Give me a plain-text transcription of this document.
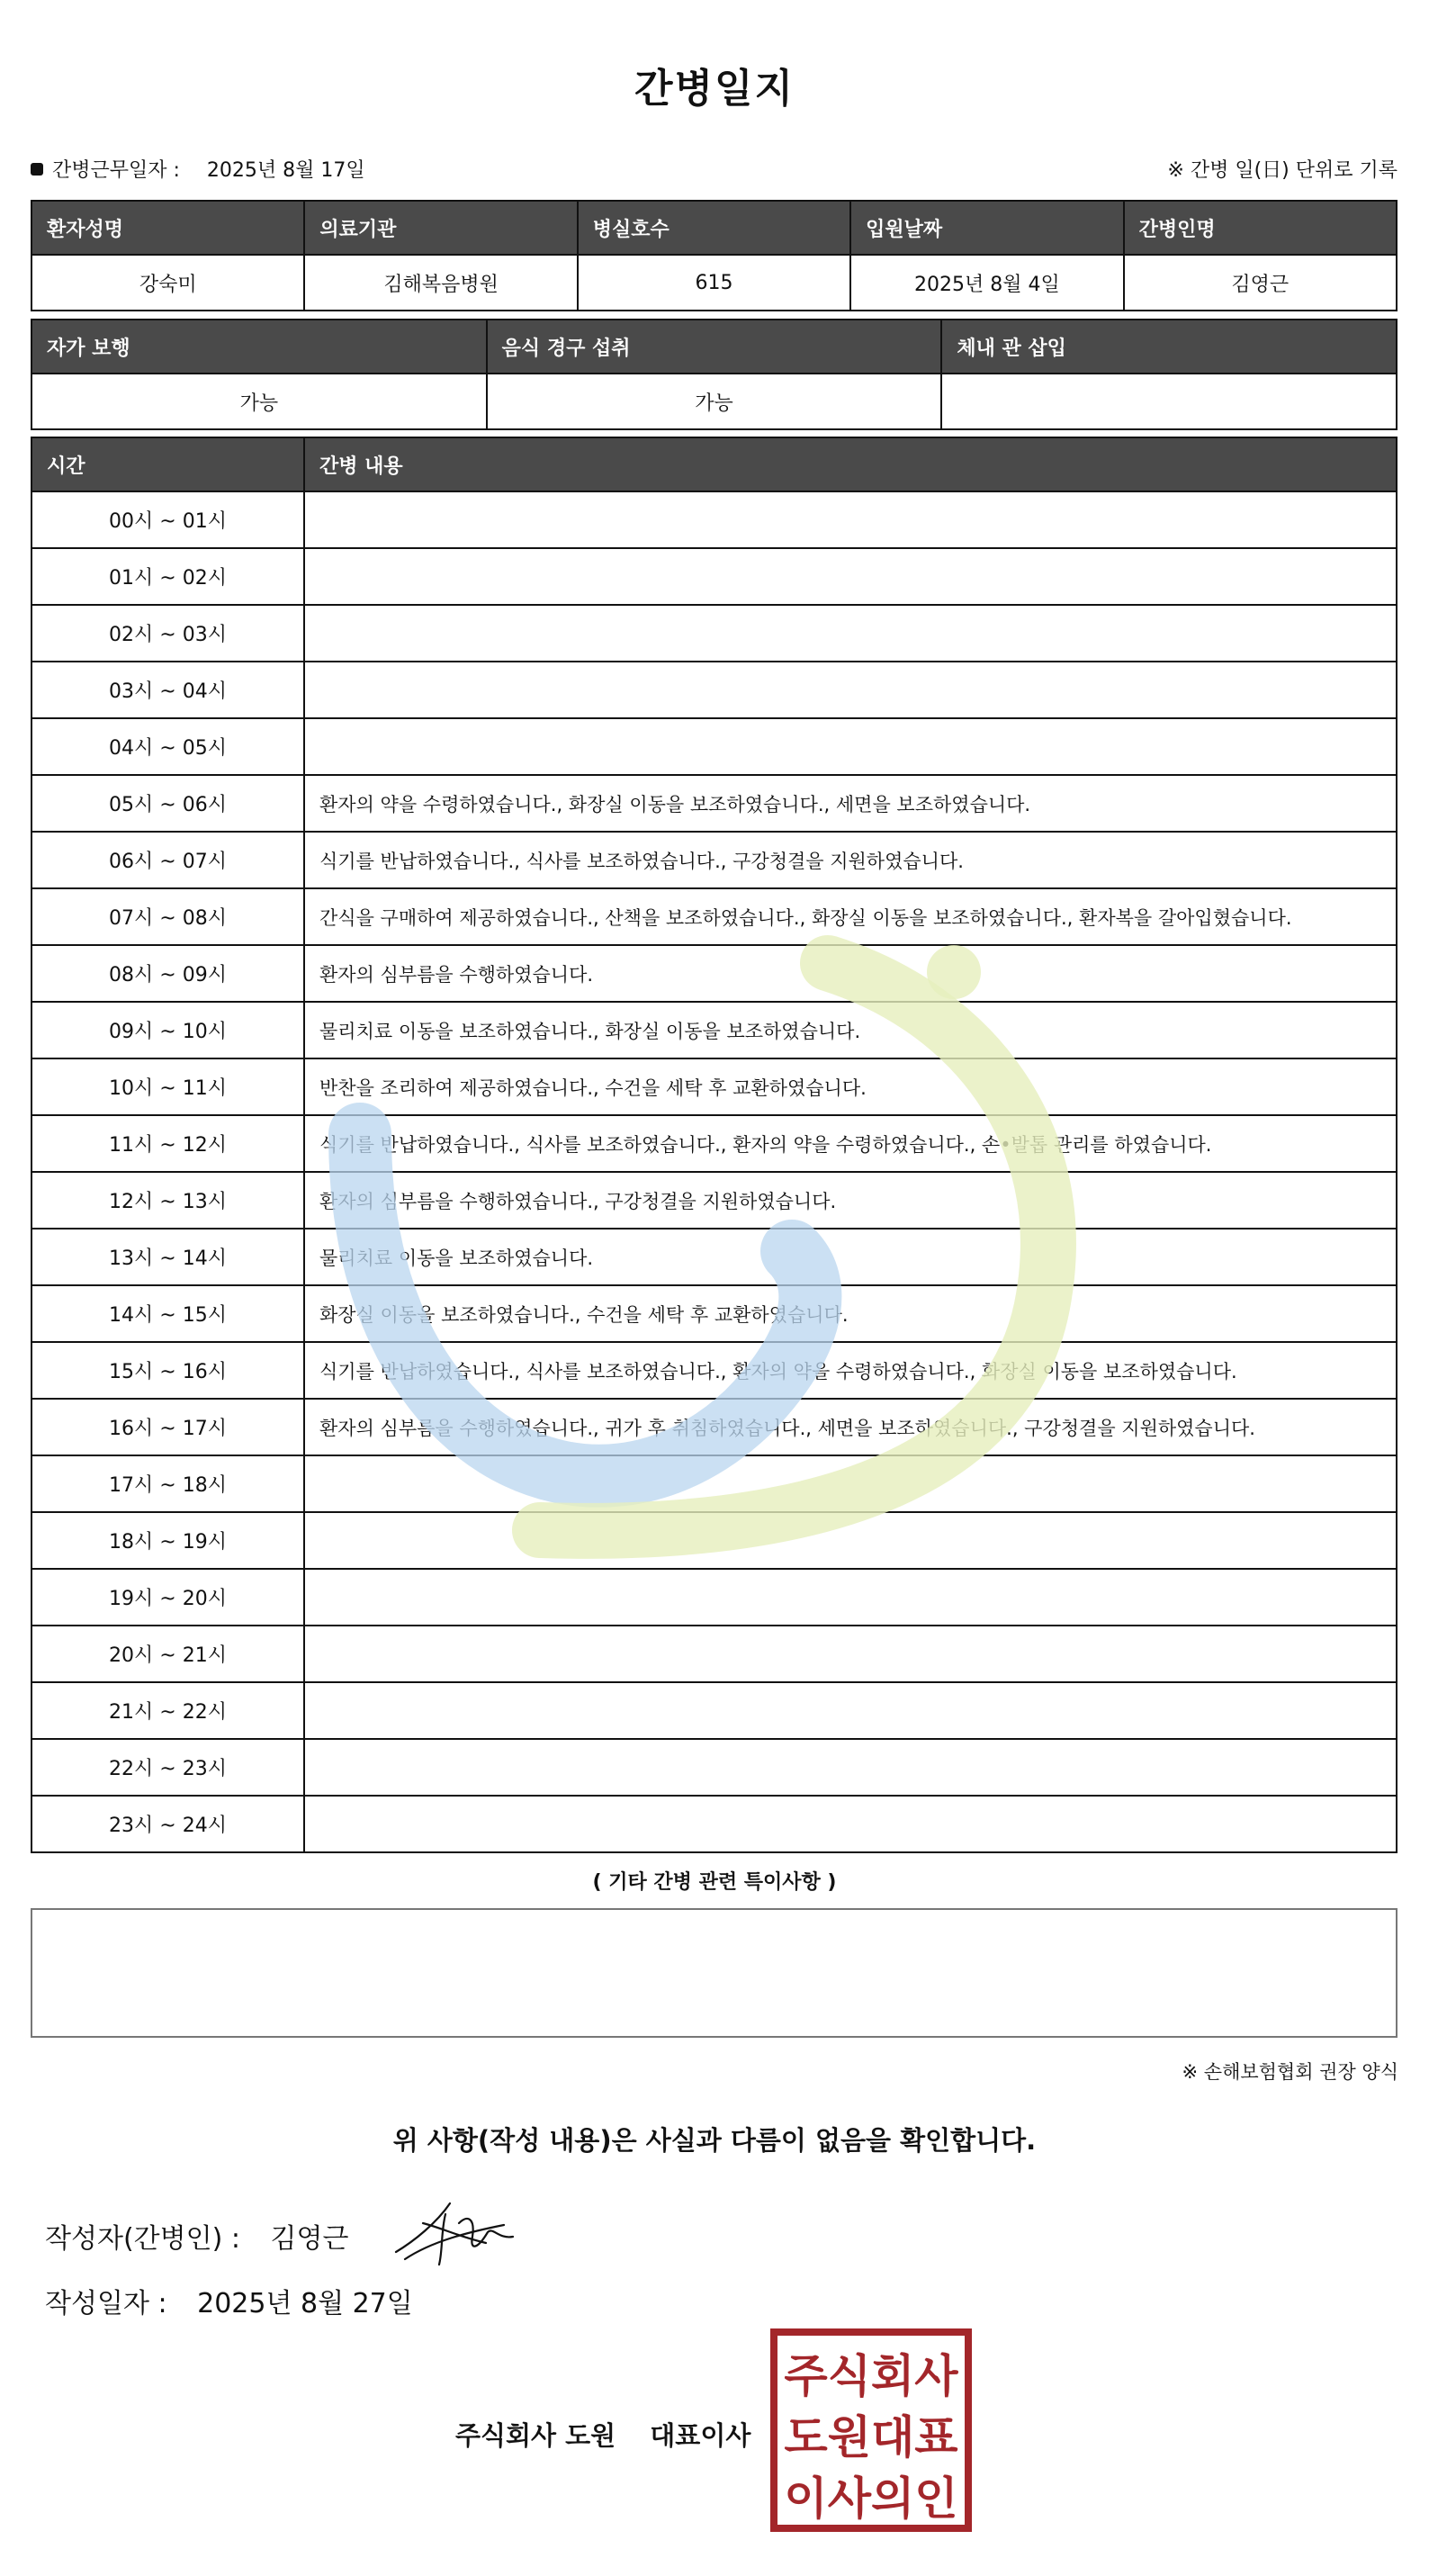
간병일지
간병근무일자 : 2025년 8월 17일	※ 간병 일(日) 단위로 기록
환자성명	의료기관	병실호수	입원날짜	간병인명
강숙미	김해복음병원	615	2025년 8월 4일	김영근
자가 보행	음식 경구 섭취	체내 관 삽입
가능	가능	
시간	간병 내용
00시 ~ 01시	
01시 ~ 02시	
02시 ~ 03시	
03시 ~ 04시	
04시 ~ 05시	
05시 ~ 06시	환자의 약을 수령하였습니다., 화장실 이동을 보조하였습니다., 세면을 보조하였습니다.
06시 ~ 07시	식기를 반납하였습니다., 식사를 보조하였습니다., 구강청결을 지원하였습니다.
07시 ~ 08시	간식을 구매하여 제공하였습니다., 산책을 보조하였습니다., 화장실 이동을 보조하였습니다., 환자복을 갈아입혔습니다.
08시 ~ 09시	환자의 심부름을 수행하였습니다.
09시 ~ 10시	물리치료 이동을 보조하였습니다., 화장실 이동을 보조하였습니다.
10시 ~ 11시	반찬을 조리하여 제공하였습니다., 수건을 세탁 후 교환하였습니다.
11시 ~ 12시	식기를 반납하였습니다., 식사를 보조하였습니다., 환자의 약을 수령하였습니다., 손•발톱 관리를 하였습니다.
12시 ~ 13시	환자의 심부름을 수행하였습니다., 구강청결을 지원하였습니다.
13시 ~ 14시	물리치료 이동을 보조하였습니다.
14시 ~ 15시	화장실 이동을 보조하였습니다., 수건을 세탁 후 교환하였습니다.
15시 ~ 16시	식기를 반납하였습니다., 식사를 보조하였습니다., 환자의 약을 수령하였습니다., 화장실 이동을 보조하였습니다.
16시 ~ 17시	환자의 심부름을 수행하였습니다., 귀가 후 취침하였습니다., 세면을 보조하였습니다., 구강청결을 지원하였습니다.
17시 ~ 18시	
18시 ~ 19시	
19시 ~ 20시	
20시 ~ 21시	
21시 ~ 22시	
22시 ~ 23시	
23시 ~ 24시	
( 기타 간병 관련 특이사항 )
※ 손해보험협회 권장 양식
위 사항(작성 내용)은 사실과 다름이 없음을 확인합니다.
작성자(간병인) : 김영근
작성일자 : 2025년 8월 27일
주식회사 도원 대표이사
주식회사
도원대표
이사의인
